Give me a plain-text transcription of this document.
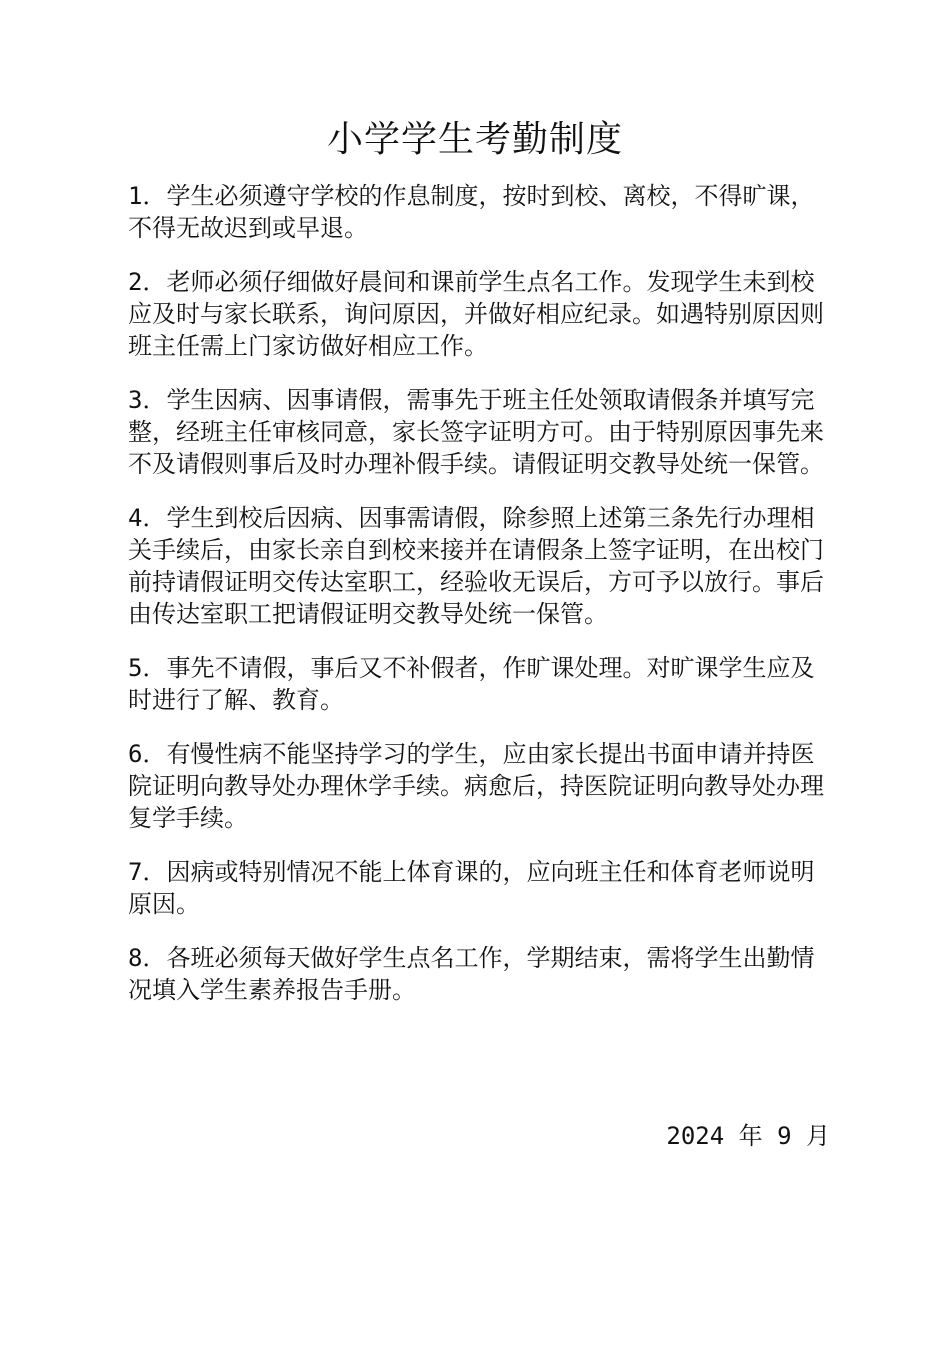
小学学生考勤制度
1．学生必须遵守学校的作息制度，按时到校、离校，不得旷课，不得无故迟到或早退。
2．老师必须仔细做好晨间和课前学生点名工作。发现学生未到校应及时与家长联系，询问原因，并做好相应纪录。如遇特别原因则班主任需上门家访做好相应工作。
3．学生因病、因事请假，需事先于班主任处领取请假条并填写完整，经班主任审核同意，家长签字证明方可。由于特别原因事先来不及请假则事后及时办理补假手续。请假证明交教导处统一保管。
4．学生到校后因病、因事需请假，除参照上述第三条先行办理相关手续后，由家长亲自到校来接并在请假条上签字证明，在出校门前持请假证明交传达室职工，经验收无误后，方可予以放行。事后由传达室职工把请假证明交教导处统一保管。
5．事先不请假，事后又不补假者，作旷课处理。对旷课学生应及时进行了解、教育。
6．有慢性病不能坚持学习的学生，应由家长提出书面申请并持医院证明向教导处办理休学手续。病愈后，持医院证明向教导处办理复学手续。
7．因病或特别情况不能上体育课的，应向班主任和体育老师说明原因。
8．各班必须每天做好学生点名工作，学期结束，需将学生出勤情况填入学生素养报告手册。

2024 年 9 月
